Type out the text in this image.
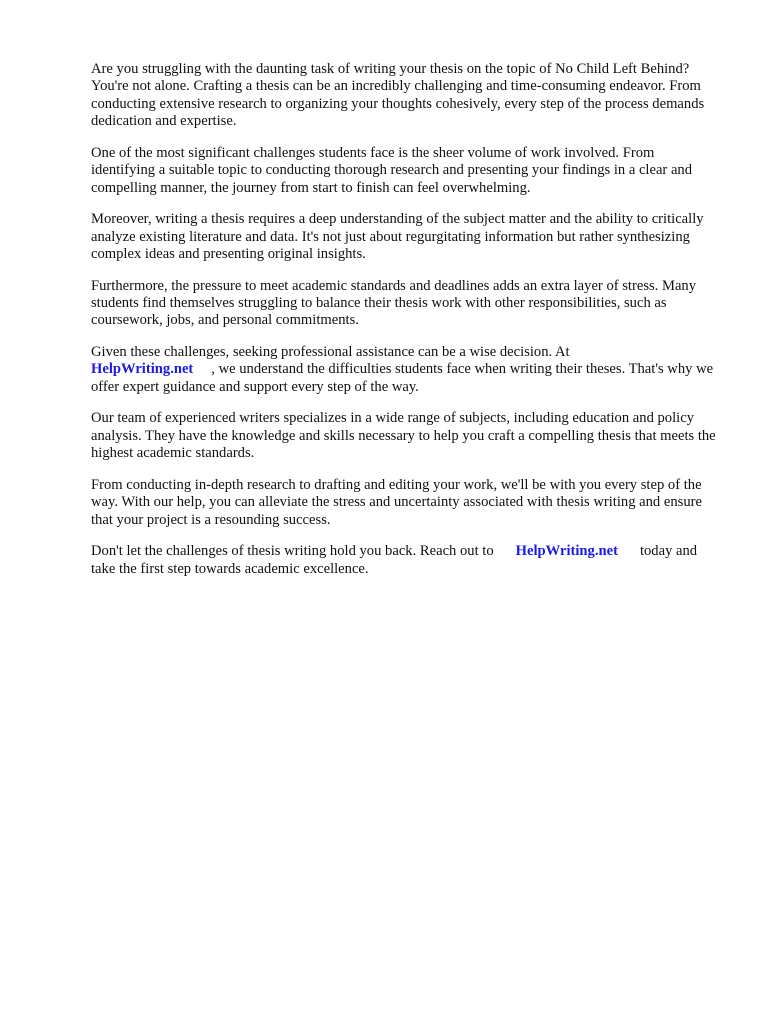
Are you struggling with the daunting task of writing your thesis on the topic of No Child Left Behind? You're not alone. Crafting a thesis can be an incredibly challenging and time-consuming endeavor. From conducting extensive research to organizing your thoughts cohesively, every step of the process demands dedication and expertise.

One of the most significant challenges students face is the sheer volume of work involved. From identifying a suitable topic to conducting thorough research and presenting your findings in a clear and compelling manner, the journey from start to finish can feel overwhelming.

Moreover, writing a thesis requires a deep understanding of the subject matter and the ability to critically analyze existing literature and data. It's not just about regurgitating information but rather synthesizing complex ideas and presenting original insights.

Furthermore, the pressure to meet academic standards and deadlines adds an extra layer of stress. Many students find themselves struggling to balance their thesis work with other responsibilities, such as coursework, jobs, and personal commitments.

Given these challenges, seeking professional assistance can be a wise decision. At
HelpWriting.net , we understand the difficulties students face when writing their theses. That's why we offer expert guidance and support every step of the way.

Our team of experienced writers specializes in a wide range of subjects, including education and policy analysis. They have the knowledge and skills necessary to help you craft a compelling thesis that meets the highest academic standards.

From conducting in-depth research to drafting and editing your work, we'll be with you every step of the way. With our help, you can alleviate the stress and uncertainty associated with thesis writing and ensure that your project is a resounding success.

Don't let the challenges of thesis writing hold you back. Reach out to HelpWriting.net today and take the first step towards academic excellence.
